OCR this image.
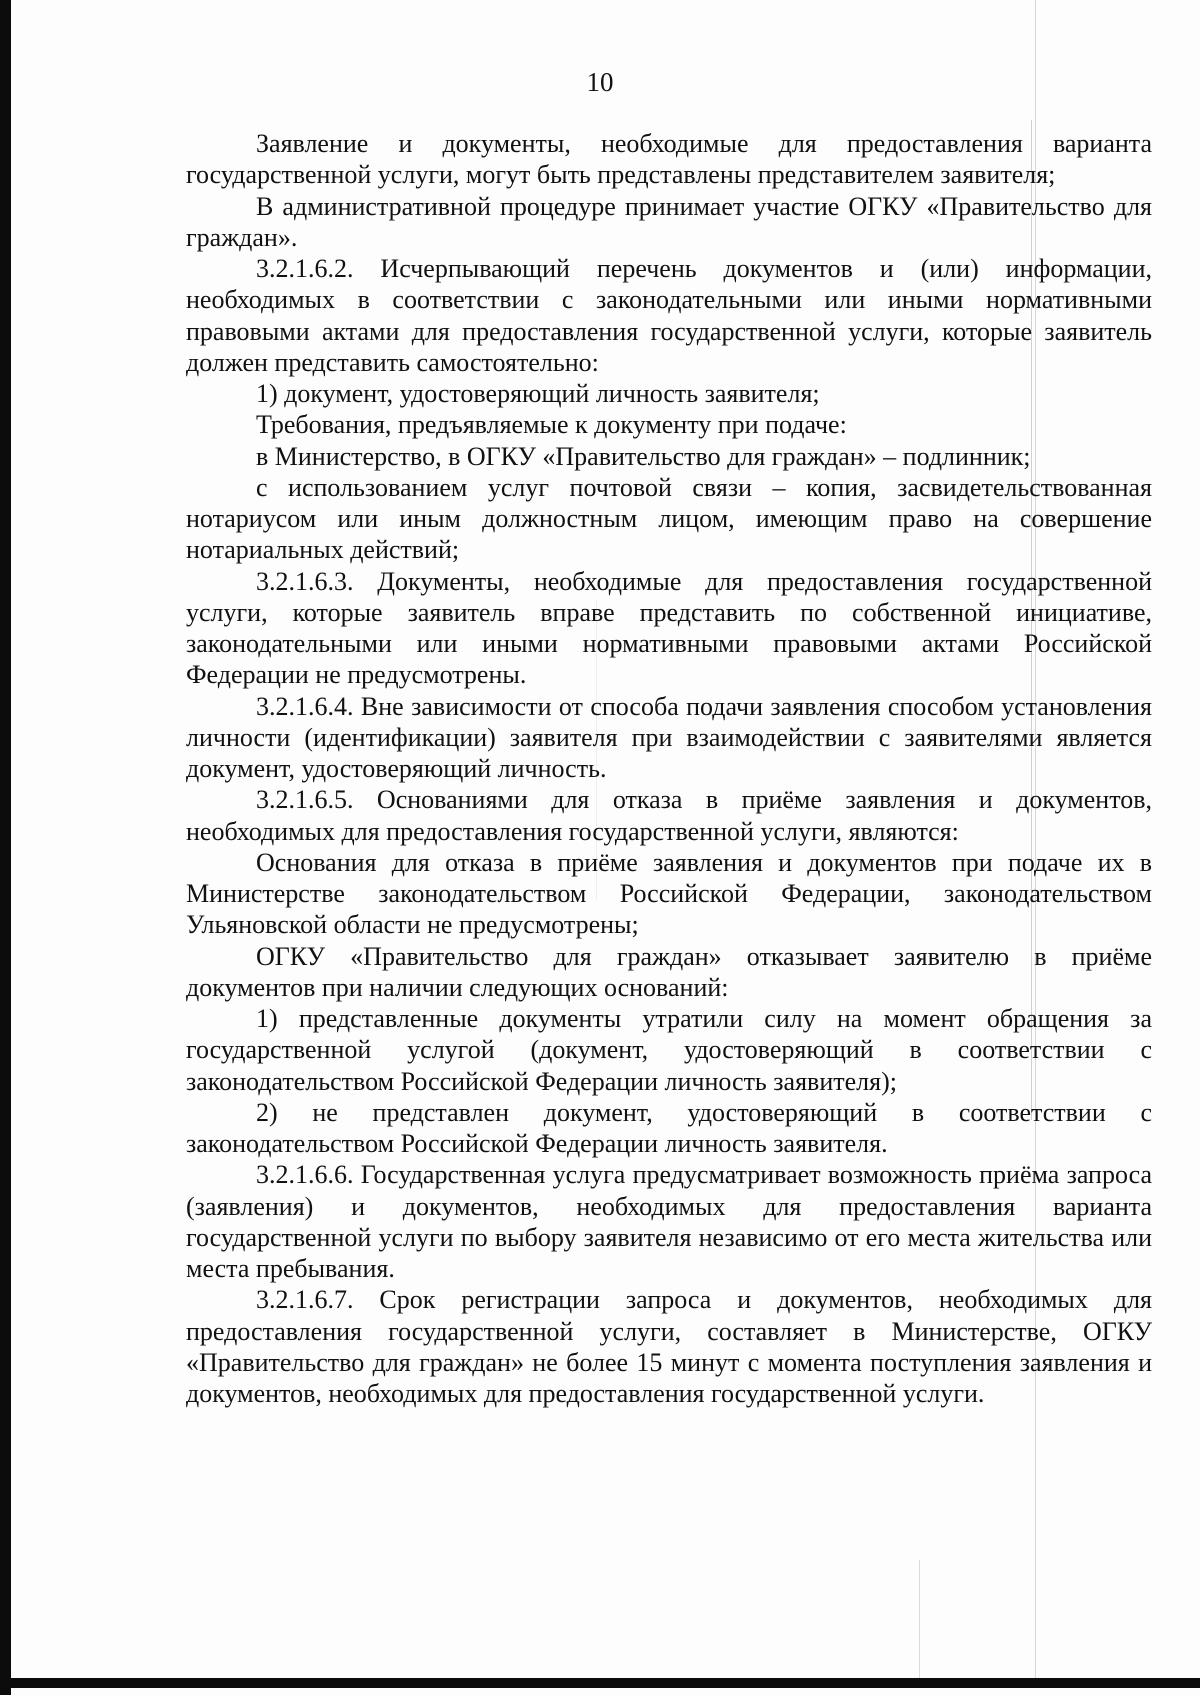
10

Заявление и документы, необходимые для предоставления варианта государственной услуги, могут быть представлены представителем заявителя;

В административной процедуре принимает участие ОГКУ «Правительство для граждан».

3.2.1.6.2. Исчерпывающий перечень документов и (или) информации, необходимых в соответствии с законодательными или иными нормативными правовыми актами для предоставления государственной услуги, которые заявитель должен представить самостоятельно:

1) документ, удостоверяющий личность заявителя;

Требования, предъявляемые к документу при подаче:

в Министерство, в ОГКУ «Правительство для граждан» – подлинник;

с использованием услуг почтовой связи – копия, засвидетельствованная нотариусом или иным должностным лицом, имеющим право на совершение нотариальных действий;

3.2.1.6.3. Документы, необходимые для предоставления государственной услуги, которые заявитель вправе представить по собственной инициативе, законодательными или иными нормативными правовыми актами Российской Федерации не предусмотрены.

3.2.1.6.4. Вне зависимости от способа подачи заявления способом установления личности (идентификации) заявителя при взаимодействии с заявителями является документ, удостоверяющий личность.

3.2.1.6.5. Основаниями для отказа в приёме заявления и документов, необходимых для предоставления государственной услуги, являются:

Основания для отказа в приёме заявления и документов при подаче их в Министерстве законодательством Российской Федерации, законодательством Ульяновской области не предусмотрены;

ОГКУ «Правительство для граждан» отказывает заявителю в приёме документов при наличии следующих оснований:

1) представленные документы утратили силу на момент обращения за государственной услугой (документ, удостоверяющий в соответствии с законодательством Российской Федерации личность заявителя);

2) не представлен документ, удостоверяющий в соответствии с законодательством Российской Федерации личность заявителя.

3.2.1.6.6. Государственная услуга предусматривает возможность приёма запроса (заявления) и документов, необходимых для предоставления варианта государственной услуги по выбору заявителя независимо от его места жительства или места пребывания.

3.2.1.6.7. Срок регистрации запроса и документов, необходимых для предоставления государственной услуги, составляет в Министерстве, ОГКУ «Правительство для граждан» не более 15 минут с момента поступления заявления и документов, необходимых для предоставления государственной услуги.
